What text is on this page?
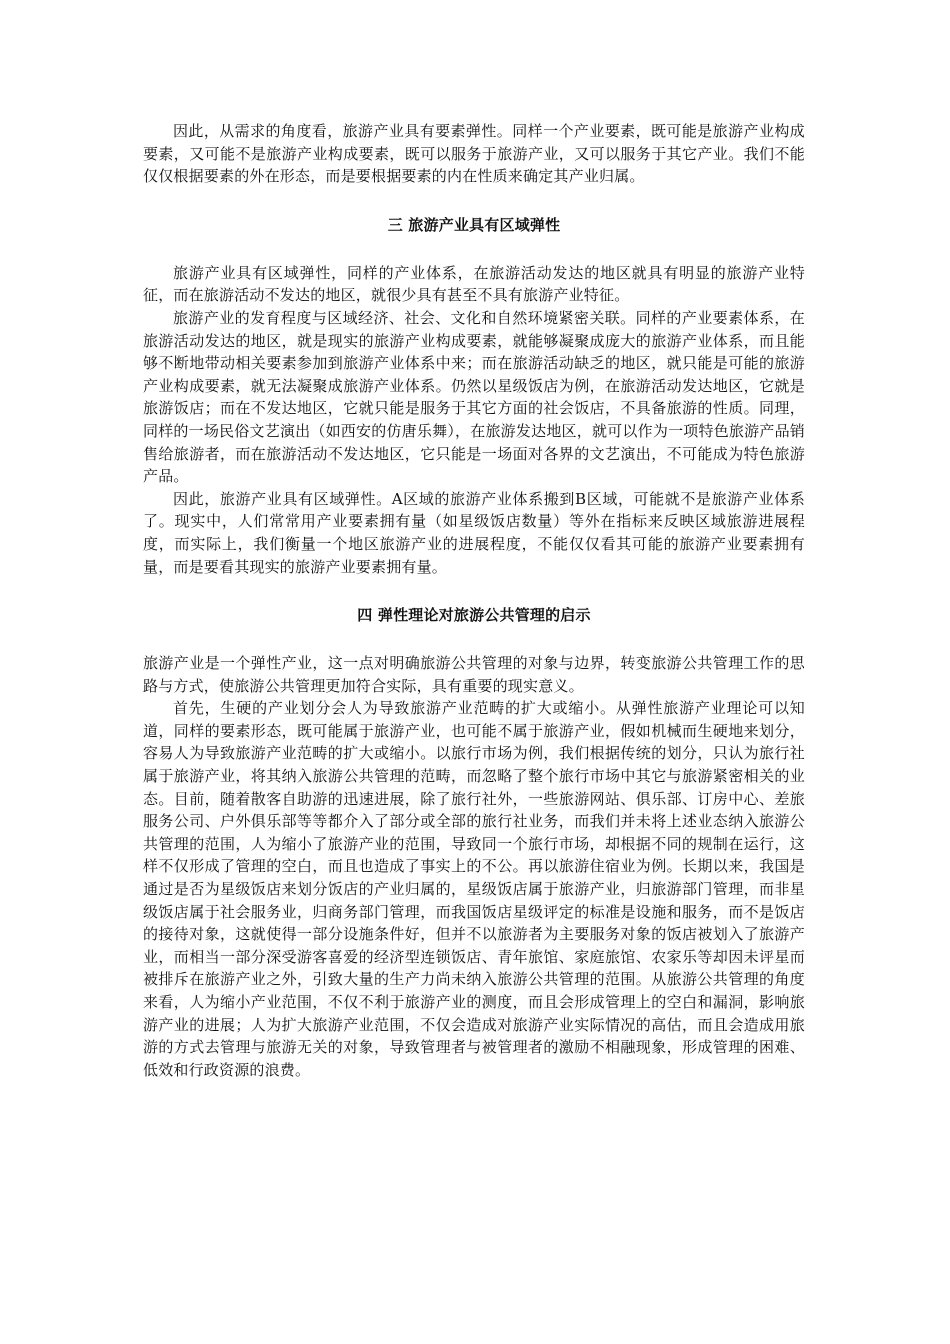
因此，从需求的角度看，旅游产业具有要素弹性。同样一个产业要素，既可能是旅游产业构成要素，又可能不是旅游产业构成要素，既可以服务于旅游产业，又可以服务于其它产业。我们不能仅仅根据要素的外在形态，而是要根据要素的内在性质来确定其产业归属。

三 旅游产业具有区域弹性

旅游产业具有区域弹性，同样的产业体系，在旅游活动发达的地区就具有明显的旅游产业特征，而在旅游活动不发达的地区，就很少具有甚至不具有旅游产业特征。

旅游产业的发育程度与区域经济、社会、文化和自然环境紧密关联。同样的产业要素体系，在旅游活动发达的地区，就是现实的旅游产业构成要素，就能够凝聚成庞大的旅游产业体系，而且能够不断地带动相关要素参加到旅游产业体系中来；而在旅游活动缺乏的地区，就只能是可能的旅游产业构成要素，就无法凝聚成旅游产业体系。仍然以星级饭店为例，在旅游活动发达地区，它就是旅游饭店；而在不发达地区，它就只能是服务于其它方面的社会饭店，不具备旅游的性质。同理，同样的一场民俗文艺演出（如西安的仿唐乐舞），在旅游发达地区，就可以作为一项特色旅游产品销售给旅游者，而在旅游活动不发达地区，它只能是一场面对各界的文艺演出，不可能成为特色旅游产品。

因此，旅游产业具有区域弹性。A区域的旅游产业体系搬到B区域，可能就不是旅游产业体系了。现实中，人们常常用产业要素拥有量（如星级饭店数量）等外在指标来反映区域旅游进展程度，而实际上，我们衡量一个地区旅游产业的进展程度，不能仅仅看其可能的旅游产业要素拥有量，而是要看其现实的旅游产业要素拥有量。

四 弹性理论对旅游公共管理的启示

旅游产业是一个弹性产业，这一点对明确旅游公共管理的对象与边界，转变旅游公共管理工作的思路与方式，使旅游公共管理更加符合实际，具有重要的现实意义。

首先，生硬的产业划分会人为导致旅游产业范畴的扩大或缩小。从弹性旅游产业理论可以知道，同样的要素形态，既可能属于旅游产业，也可能不属于旅游产业，假如机械而生硬地来划分，容易人为导致旅游产业范畴的扩大或缩小。以旅行市场为例，我们根据传统的划分，只认为旅行社属于旅游产业，将其纳入旅游公共管理的范畴，而忽略了整个旅行市场中其它与旅游紧密相关的业态。目前，随着散客自助游的迅速进展，除了旅行社外，一些旅游网站、俱乐部、订房中心、差旅服务公司、户外俱乐部等等都介入了部分或全部的旅行社业务，而我们并未将上述业态纳入旅游公共管理的范围，人为缩小了旅游产业的范围，导致同一个旅行市场，却根据不同的规制在运行，这样不仅形成了管理的空白，而且也造成了事实上的不公。再以旅游住宿业为例。长期以来，我国是通过是否为星级饭店来划分饭店的产业归属的，星级饭店属于旅游产业，归旅游部门管理，而非星级饭店属于社会服务业，归商务部门管理，而我国饭店星级评定的标准是设施和服务，而不是饭店的接待对象，这就使得一部分设施条件好，但并不以旅游者为主要服务对象的饭店被划入了旅游产业，而相当一部分深受游客喜爱的经济型连锁饭店、青年旅馆、家庭旅馆、农家乐等却因未评星而被排斥在旅游产业之外，引致大量的生产力尚未纳入旅游公共管理的范围。从旅游公共管理的角度来看，人为缩小产业范围，不仅不利于旅游产业的测度，而且会形成管理上的空白和漏洞，影响旅游产业的进展；人为扩大旅游产业范围，不仅会造成对旅游产业实际情况的高估，而且会造成用旅游的方式去管理与旅游无关的对象，导致管理者与被管理者的激励不相融现象，形成管理的困难、低效和行政资源的浪费。
